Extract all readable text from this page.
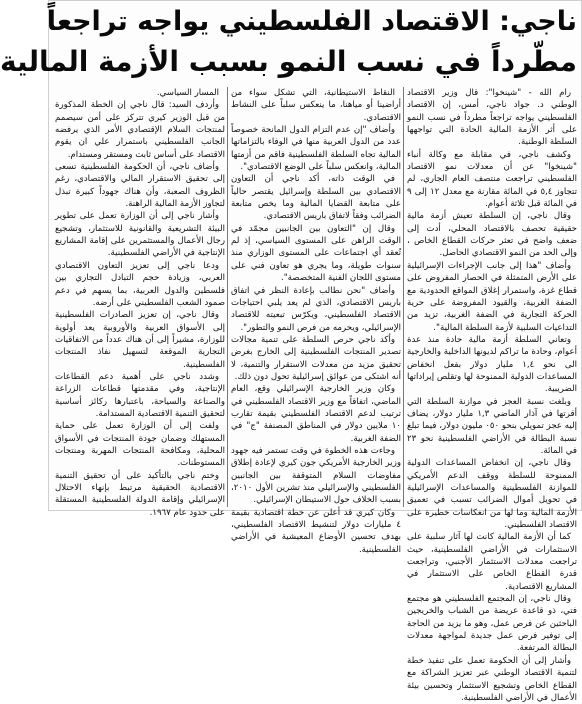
ناجي: الاقتصاد الفلسطيني يواجه تراجعاً
مطّرداً في نسب النمو بسبب الأزمة المالية
رام الله - "شينخوا": قال وزير الاقتصاد الوطني د. جواد ناجي، أمس، إن الاقتصاد الفلسطيني يواجه تراجعاً مطرداً في نسب النمو على أثر الأزمة المالية الحادة التي تواجهها السلطة الوطنية.
وكشف ناجي، في مقابلة مع وكالة أنباء "شينخوا" عن أن معدلات نمو الاقتصاد الفلسطيني تراجعت منتصف العام الجاري، لم تتجاوز ٥,٤ في المائة مقارنة مع معدل ١٢ إلى ٩ في المائة قبل ثلاثة أعوام.
وقال ناجي، إن السلطة تعيش أزمة مالية حقيقية تحصف بالاقتصاد المحلي، أدت إلى ضعف واضح في تعثر حركات القطاع الخاص ، وإلى الحد من النمو الاقتصادي الحاصل.
وأضاف "هذا إلى جانب الإجراءات الإسرائيلية على الأرض المتمثلة في الحصار المفروض على قطاع غزة، واستمرار إغلاق المواقع الحدودية مع الضفة الغربية، والقيود المفروضة على حرية الحركة التجارية في الضفة الغربية، تزيد من التداعيات السلبية لأزمة السلطة المالية".
وتعاني السلطة أزمة مالية حادة منذ عدة أعوام، وحادة ما تراكم لديونها الداخلية والخارجية الى نحو ١,٤ مليار دولار بفعل انخفاض المساعدات الدولية الممنوحة لها وتقلص إيراداتها الضريبية.
وبلغت نسبة العجز في موازنة السلطة التي أقرتها في آذار الماضي ١,٣ مليار دولار، يضاف إليه عجز تمويلي بنحو ٠٥٠ مليون دولار، فيما تبلغ نسبة البطالة في الأراضي الفلسطينية نحو ٢٣ في المائة.
وقال ناجي، إن انخفاض المساعدات الدولية الممنوحة للسلطة ووقف الدعم الأمريكي للموازنة الفلسطينية والمساعدات الإسرائيلية في تحويل أموال الضرائب تسبب في تعميق الأزمة المالية وما لها من انعكاسات خطيرة على الاقتصاد الفلسطيني.
كما أن الأزمة المالية كانت لها آثار سلبية على الاستثمارات في الأراضي الفلسطينية، حيث تراجعت معدلات الاستثمار الأجنبي، وتراجعت قدرة القطاع الخاص على الاستثمار في المشاريع الاقتصادية.
وقال ناجي، إن المجتمع الفلسطيني هو مجتمع فتي، ذو قاعدة عريضة من الشباب والخريجين الباحثين عن فرص عمل، وهو ما يزيد من الحاجة إلى توفير فرص عمل جديدة لمواجهة معدلات البطالة المرتفعة.
وأشار إلى أن الحكومة تعمل على تنفيذ خطة لتنمية الاقتصاد الوطني عبر تعزيز الشراكة مع القطاع الخاص وتشجيع الاستثمار وتحسين بيئة الأعمال في الأراضي الفلسطينية.
النقاط الاستيطانية، التي تشكل سواء من أراضينا أو مياهنا، ما ينعكس سلباً على النشاط الاقتصادي.
وأضاف "إن عدم التزام الدول المانحة خصوصاً عدد من الدول العربية منها في الوفاء بالتزاماتها المالية تجاه السلطة الفلسطينية فاقم من أزمتها المالية، وانعكس سلباً على الوضع الاقتصادي".
في الوقت ذاته، أكد ناجي أن التعاون الاقتصادي بين السلطة وإسرائيل يقتصر حالياً على متابعة القضايا المالية وما يخص متابعة الضرائب وفقاً لاتفاق باريس الاقتصادي.
وقال إن "التعاون بين الجانبين مجمّد في الوقت الراهن على المستوى السياسي، إذ لم تُعقد أي اجتماعات على المستوى الوزاري منذ سنوات طويلة، وما يجري هو تعاون فني على مستوى اللجان الفنية المتخصصة".
وأضاف "نحن نطالب بإعادة النظر في اتفاق باريس الاقتصادي، الذي لم يعد يلبي احتياجات الاقتصاد الفلسطيني، ويكرّس تبعيته للاقتصاد الإسرائيلي، ويحرمه من فرص النمو والتطور".
وأكد ناجي حرص السلطة على تنمية مجالات تصدير المنتجات الفلسطينية إلى الخارج بغرض تحقيق مزيد من معدلات الاستقرار والتنمية، لا أنه اشتكى من عوائق إسرائيلية تحول دون ذلك.
وكان وزير الخارجية الإسرائيلي وقع، العام الماضي، اتفاقاً مع وزير الاقتصاد الفلسطيني في ترتيب لدعم الاقتصاد الفلسطيني بقيمة تقارب ١٠ ملايين دولار في المناطق المصنفة "ج" في الضفة الغربية.
وجاءت هذه الخطوة في وقت تستمر فيه جهود وزير الخارجية الأمريكي جون كيري لإعادة إطلاق مفاوضات السلام المتوقفة بين الجانبين الفلسطيني والإسرائيلي منذ تشرين الأول ٢٠١٠، بسبب الخلاف حول الاستيطان الإسرائيلي.
وكان كيري قد أعلن عن خطة اقتصادية بقيمة ٤ مليارات دولار لتنشيط الاقتصاد الفلسطيني، بهدف تحسين الأوضاع المعيشية في الأراضي الفلسطينية.
المسار السياسي.
وأردف السيد: قال ناجي إن الخطة المذكورة من قبل الوزير كيري تتركز على أمن سيصمم لمنتجات السلام الإقتصادي الأمر الذي يرفضه الجانب الفلسطيني باستمرار علي ان يقوم الاقتصاد على أساس ثابت ومستقر ومستدام.
وأضاف ناجي، أن الحكومة الفلسطينية تسعى إلى تحقيق الاستقرار المالي والاقتصادي، رغم الظروف الصعبة، وأن هناك جهوداً كبيرة تبذل لتجاوز الأزمة المالية الراهنة.
وأشار ناجي إلى أن الوزارة تعمل على تطوير البيئة التشريعية والقانونية للاستثمار، وتشجيع رجال الأعمال والمستثمرين على إقامة المشاريع الإنتاجية في الأراضي الفلسطينية.
ودعا ناجي إلى تعزيز التعاون الاقتصادي العربي، وزيادة حجم التبادل التجاري بين فلسطين والدول العربية، بما يسهم في دعم صمود الشعب الفلسطيني على أرضه.
وقال ناجي، إن تعزيز الصادرات الفلسطينية إلى الأسواق العربية والأوروبية يعد أولوية للوزارة، مشيراً إلى أن هناك عدداً من الاتفاقيات التجارية الموقعة لتسهيل نفاذ المنتجات الفلسطينية.
وشدد ناجي على أهمية دعم القطاعات الإنتاجية، وفي مقدمتها قطاعات الزراعة والصناعة والسياحة، باعتبارها ركائز أساسية لتحقيق التنمية الاقتصادية المستدامة.
ولفت إلى أن الوزارة تعمل على حماية المستهلك وضمان جودة المنتجات في الأسواق المحلية، ومكافحة المنتجات المهربة ومنتجات المستوطنات.
وختم ناجي بالتأكيد على أن تحقيق التنمية الاقتصادية الحقيقية مرتبط بإنهاء الاحتلال الإسرائيلي وإقامة الدولة الفلسطينية المستقلة على حدود عام ١٩٦٧.
